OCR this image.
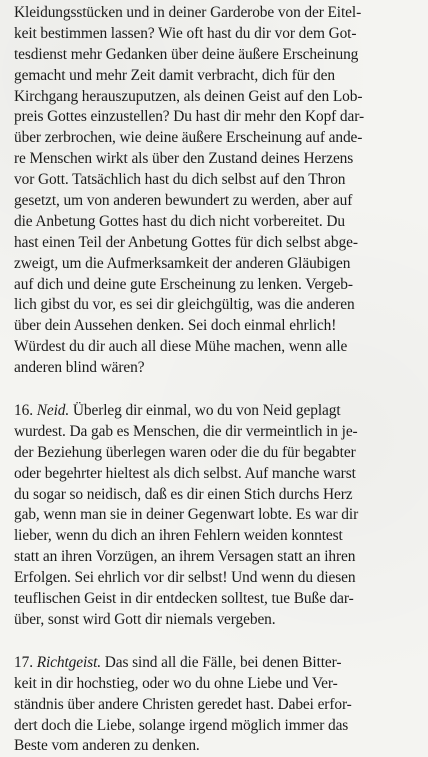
Kleidungsstücken und in deiner Garderobe von der Eitel-
keit bestimmen lassen? Wie oft hast du dir vor dem Got-
tesdienst mehr Gedanken über deine äußere Erscheinung
gemacht und mehr Zeit damit verbracht, dich für den
Kirchgang herauszuputzen, als deinen Geist auf den Lob-
preis Gottes einzustellen? Du hast dir mehr den Kopf dar-
über zerbrochen, wie deine äußere Erscheinung auf ande-
re Menschen wirkt als über den Zustand deines Herzens
vor Gott. Tatsächlich hast du dich selbst auf den Thron
gesetzt, um von anderen bewundert zu werden, aber auf
die Anbetung Gottes hast du dich nicht vorbereitet. Du
hast einen Teil der Anbetung Gottes für dich selbst abge-
zweigt, um die Aufmerksamkeit der anderen Gläubigen
auf dich und deine gute Erscheinung zu lenken. Vergeb-
lich gibst du vor, es sei dir gleichgültig, was die anderen
über dein Aussehen denken. Sei doch einmal ehrlich!
Würdest du dir auch all diese Mühe machen, wenn alle
anderen blind wären?
16. Neid. Überleg dir einmal, wo du von Neid geplagt
wurdest. Da gab es Menschen, die dir vermeintlich in je-
der Beziehung überlegen waren oder die du für begabter
oder begehrter hieltest als dich selbst. Auf manche warst
du sogar so neidisch, daß es dir einen Stich durchs Herz
gab, wenn man sie in deiner Gegenwart lobte. Es war dir
lieber, wenn du dich an ihren Fehlern weiden konntest
statt an ihren Vorzügen, an ihrem Versagen statt an ihren
Erfolgen. Sei ehrlich vor dir selbst! Und wenn du diesen
teuflischen Geist in dir entdecken solltest, tue Buße dar-
über, sonst wird Gott dir niemals vergeben.
17. Richtgeist. Das sind all die Fälle, bei denen Bitter-
keit in dir hochstieg, oder wo du ohne Liebe und Ver-
ständnis über andere Christen geredet hast. Dabei erfor-
dert doch die Liebe, solange irgend möglich immer das
Beste vom anderen zu denken.
